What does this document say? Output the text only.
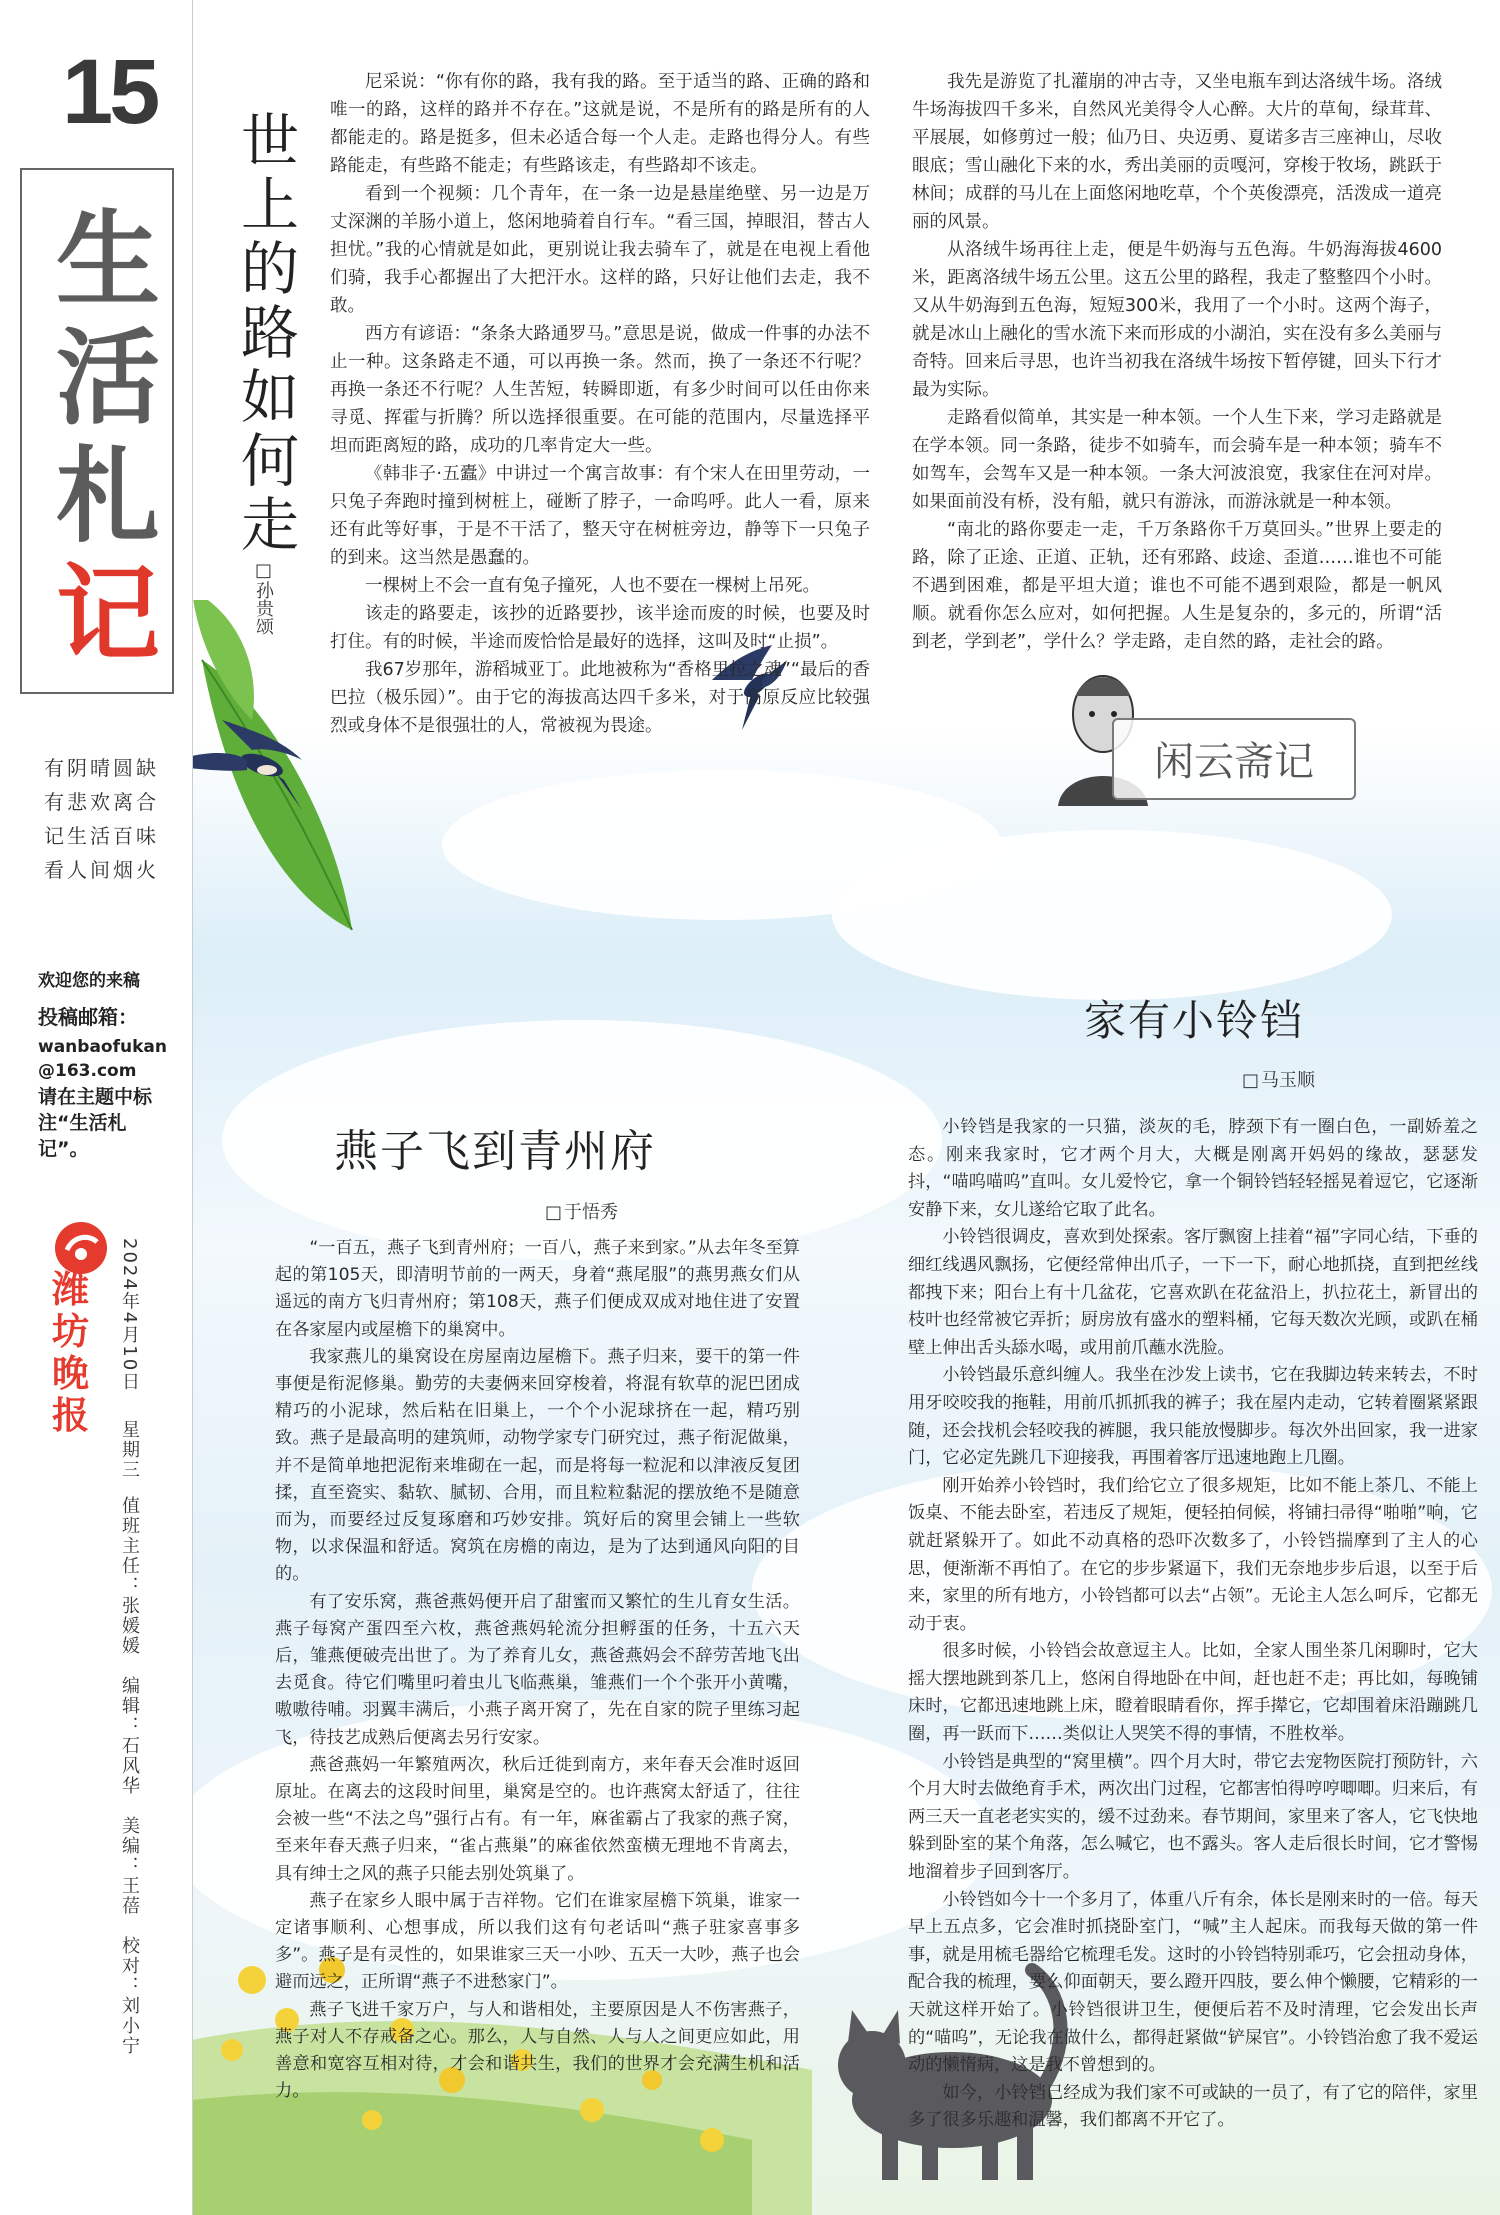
15
生
活
札
记
有阴晴圆缺
有悲欢离合
记生活百味
看人间烟火
欢迎您的来稿
投稿邮箱：
wanbaofukan
@163.com
请在主题中标注“生活札记”。
潍坊晚报
2024年4月10日
星期三
值班主任：张媛媛　编辑：石风华　美编：王蓓　校对：刘小宁
世上的路如何走
□ 孙贵颂

尼采说：“你有你的路，我有我的路。至于适当的路、正确的路和唯一的路，这样的路并不存在。”这就是说，不是所有的路是所有的人都能走的。路是挺多，但未必适合每一个人走。走路也得分人。有些路能走，有些路不能走；有些路该走，有些路却不该走。

看到一个视频：几个青年，在一条一边是悬崖绝壁、另一边是万丈深渊的羊肠小道上，悠闲地骑着自行车。“看三国，掉眼泪，替古人担忧。”我的心情就是如此，更别说让我去骑车了，就是在电视上看他们骑，我手心都握出了大把汗水。这样的路，只好让他们去走，我不敢。

西方有谚语：“条条大路通罗马。”意思是说，做成一件事的办法不止一种。这条路走不通，可以再换一条。然而，换了一条还不行呢？再换一条还不行呢？人生苦短，转瞬即逝，有多少时间可以任由你来寻觅、挥霍与折腾？所以选择很重要。在可能的范围内，尽量选择平坦而距离短的路，成功的几率肯定大一些。

《韩非子·五蠹》中讲过一个寓言故事：有个宋人在田里劳动，一只兔子奔跑时撞到树桩上，碰断了脖子，一命呜呼。此人一看，原来还有此等好事，于是不干活了，整天守在树桩旁边，静等下一只兔子的到来。这当然是愚蠢的。

一棵树上不会一直有兔子撞死，人也不要在一棵树上吊死。

该走的路要走，该抄的近路要抄，该半途而废的时候，也要及时打住。有的时候，半途而废恰恰是最好的选择，这叫及时“止损”。

我67岁那年，游稻城亚丁。此地被称为“香格里拉之魂”“最后的香巴拉（极乐园）”。由于它的海拔高达四千多米，对于高原反应比较强烈或身体不是很强壮的人，常被视为畏途。

我先是游览了扎灌崩的冲古寺，又坐电瓶车到达洛绒牛场。洛绒牛场海拔四千多米，自然风光美得令人心醉。大片的草甸，绿茸茸、平展展，如修剪过一般；仙乃日、央迈勇、夏诺多吉三座神山，尽收眼底；雪山融化下来的水，秀出美丽的贡嘎河，穿梭于牧场，跳跃于林间；成群的马儿在上面悠闲地吃草，个个英俊漂亮，活泼成一道亮丽的风景。

从洛绒牛场再往上走，便是牛奶海与五色海。牛奶海海拔4600米，距离洛绒牛场五公里。这五公里的路程，我走了整整四个小时。又从牛奶海到五色海，短短300米，我用了一个小时。这两个海子，就是冰山上融化的雪水流下来而形成的小湖泊，实在没有多么美丽与奇特。回来后寻思，也许当初我在洛绒牛场按下暂停键，回头下行才最为实际。

走路看似简单，其实是一种本领。一个人生下来，学习走路就是在学本领。同一条路，徒步不如骑车，而会骑车是一种本领；骑车不如驾车，会驾车又是一种本领。一条大河波浪宽，我家住在河对岸。如果面前没有桥，没有船，就只有游泳，而游泳就是一种本领。

“南北的路你要走一走，千万条路你千万莫回头。”世界上要走的路，除了正途、正道、正轨，还有邪路、歧途、歪道……谁也不可能不遇到困难，都是平坦大道；谁也不可能不遇到艰险，都是一帆风顺。就看你怎么应对，如何把握。人生是复杂的，多元的，所谓“活到老，学到老”，学什么？学走路，走自然的路，走社会的路。

闲云斋记
燕子飞到青州府
□ 于悟秀

“一百五，燕子飞到青州府；一百八，燕子来到家。”从去年冬至算起的第105天，即清明节前的一两天，身着“燕尾服”的燕男燕女们从遥远的南方飞归青州府；第108天，燕子们便成双成对地住进了安置在各家屋内或屋檐下的巢窝中。

我家燕儿的巢窝设在房屋南边屋檐下。燕子归来，要干的第一件事便是衔泥修巢。勤劳的夫妻俩来回穿梭着，将混有软草的泥巴团成精巧的小泥球，然后粘在旧巢上，一个个小泥球挤在一起，精巧别致。燕子是最高明的建筑师，动物学家专门研究过，燕子衔泥做巢，并不是简单地把泥衔来堆砌在一起，而是将每一粒泥和以津液反复团揉，直至瓷实、黏软、腻韧、合用，而且粒粒黏泥的摆放绝不是随意而为，而要经过反复琢磨和巧妙安排。筑好后的窝里会铺上一些软物，以求保温和舒适。窝筑在房檐的南边，是为了达到通风向阳的目的。

有了安乐窝，燕爸燕妈便开启了甜蜜而又繁忙的生儿育女生活。燕子每窝产蛋四至六枚，燕爸燕妈轮流分担孵蛋的任务，十五六天后，雏燕便破壳出世了。为了养育儿女，燕爸燕妈会不辞劳苦地飞出去觅食。待它们嘴里叼着虫儿飞临燕巢，雏燕们一个个张开小黄嘴，嗷嗷待哺。羽翼丰满后，小燕子离开窝了，先在自家的院子里练习起飞，待技艺成熟后便离去另行安家。

燕爸燕妈一年繁殖两次，秋后迁徙到南方，来年春天会准时返回原址。在离去的这段时间里，巢窝是空的。也许燕窝太舒适了，往往会被一些“不法之鸟”强行占有。有一年，麻雀霸占了我家的燕子窝，至来年春天燕子归来，“雀占燕巢”的麻雀依然蛮横无理地不肯离去，具有绅士之风的燕子只能去别处筑巢了。

燕子在家乡人眼中属于吉祥物。它们在谁家屋檐下筑巢，谁家一定诸事顺利、心想事成，所以我们这有句老话叫“燕子驻家喜事多多”。燕子是有灵性的，如果谁家三天一小吵、五天一大吵，燕子也会避而远之，正所谓“燕子不进愁家门”。

燕子飞进千家万户，与人和谐相处，主要原因是人不伤害燕子，燕子对人不存戒备之心。那么，人与自然、人与人之间更应如此，用善意和宽容互相对待，才会和谐共生，我们的世界才会充满生机和活力。

家有小铃铛
□ 马玉顺

小铃铛是我家的一只猫，淡灰的毛，脖颈下有一圈白色，一副娇羞之态。刚来我家时，它才两个月大，大概是刚离开妈妈的缘故，瑟瑟发抖，“喵呜喵呜”直叫。女儿爱怜它，拿一个铜铃铛轻轻摇晃着逗它，它逐渐安静下来，女儿遂给它取了此名。

小铃铛很调皮，喜欢到处探索。客厅飘窗上挂着“福”字同心结，下垂的细红线遇风飘扬，它便经常伸出爪子，一下一下，耐心地抓挠，直到把丝线都拽下来；阳台上有十几盆花，它喜欢趴在花盆沿上，扒拉花土，新冒出的枝叶也经常被它弄折；厨房放有盛水的塑料桶，它每天数次光顾，或趴在桶壁上伸出舌头舔水喝，或用前爪蘸水洗脸。

小铃铛最乐意纠缠人。我坐在沙发上读书，它在我脚边转来转去，不时用牙咬咬我的拖鞋，用前爪抓抓我的裤子；我在屋内走动，它转着圈紧紧跟随，还会找机会轻咬我的裤腿，我只能放慢脚步。每次外出回家，我一进家门，它必定先跳几下迎接我，再围着客厅迅速地跑上几圈。

刚开始养小铃铛时，我们给它立了很多规矩，比如不能上茶几、不能上饭桌、不能去卧室，若违反了规矩，便轻拍伺候，将铺扫帚得“啪啪”响，它就赶紧躲开了。如此不动真格的恐吓次数多了，小铃铛揣摩到了主人的心思，便渐渐不再怕了。在它的步步紧逼下，我们无奈地步步后退，以至于后来，家里的所有地方，小铃铛都可以去“占领”。无论主人怎么呵斥，它都无动于衷。

很多时候，小铃铛会故意逗主人。比如，全家人围坐茶几闲聊时，它大摇大摆地跳到茶几上，悠闲自得地卧在中间，赶也赶不走；再比如，每晚铺床时，它都迅速地跳上床，瞪着眼睛看你，挥手撵它，它却围着床沿蹦跳几圈，再一跃而下……类似让人哭笑不得的事情，不胜枚举。

小铃铛是典型的“窝里横”。四个月大时，带它去宠物医院打预防针，六个月大时去做绝育手术，两次出门过程，它都害怕得哼哼唧唧。归来后，有两三天一直老老实实的，缓不过劲来。春节期间，家里来了客人，它飞快地躲到卧室的某个角落，怎么喊它，也不露头。客人走后很长时间，它才警惕地溜着步子回到客厅。

小铃铛如今十一个多月了，体重八斤有余，体长是刚来时的一倍。每天早上五点多，它会准时抓挠卧室门，“喊”主人起床。而我每天做的第一件事，就是用梳毛器给它梳理毛发。这时的小铃铛特别乖巧，它会扭动身体，配合我的梳理，要么仰面朝天，要么蹬开四肢，要么伸个懒腰，它精彩的一天就这样开始了。小铃铛很讲卫生，便便后若不及时清理，它会发出长声的“喵呜”，无论我在做什么，都得赶紧做“铲屎官”。小铃铛治愈了我不爱运动的懒惰病，这是我不曾想到的。

如今，小铃铛已经成为我们家不可或缺的一员了，有了它的陪伴，家里多了很多乐趣和温馨，我们都离不开它了。
